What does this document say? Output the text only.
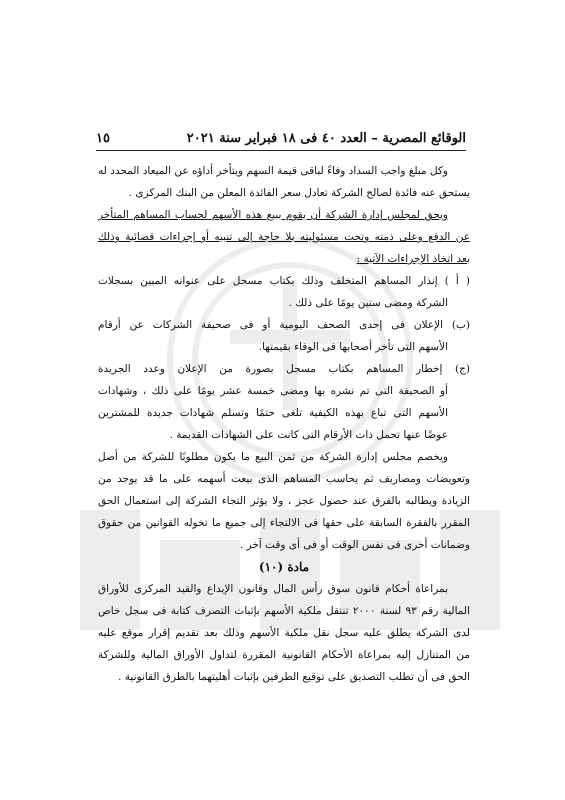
الوقائع المصرية – العدد ٤٠ فى ١٨ فبراير سنة ٢٠٢١
١٥
وكل مبلغ واجب السداد وفاءً لباقى قيمة السهم ويتأخر أداؤه عن الميعاد المحدد له
يستحق عنه فائدة لصالح الشركة تعادل سعر الفائدة المعلن من البنك المركزى .
ويحق لمجلس إدارة الشركة أن يقوم ببيع هذه الأسهم لحساب المساهم المتأخر
عن الدفع وعلى ذمته وتحت مسئوليته بلا حاجة إلى تنبيه أو إجراءات قضائية وذلك
بعد اتخاذ الإجراءات الآتية :
( أ ) إنذار المساهم المتخلف وذلك بكتاب مسجل على عنوانه المبين بسجلات
الشركة ومضى ستين يومًا على ذلك .
(ب) الإعلان فى إحدى الصحف اليومية أو فى صحيفة الشركات عن أرقام
الأسهم التى تأخر أصحابها فى الوفاء بقيمتها.
(ج) إخطار المساهم بكتاب مسجل بصورة من الإعلان وعدد الجريدة
أو الصحيفة التى تم نشره بها ومضى خمسة عشر يومًا على ذلك ، وشهادات
الأسهم التى تباع بهذه الكيفية تلغى حتمًا وتسلم شهادات جديدة للمشترين
عوضًا عنها تحمل ذات الأرقام التى كانت على الشهادات القديمة .
ويخصم مجلس إدارة الشركة من ثمن البيع ما يكون مطلوبًا للشركة من أصل
وتعويضات ومصاريف ثم يحاسب المساهم الذى بيعت أسهمه على ما قد يوجد من
الزيادة ويطالبه بالفرق عند حصول عجز ، ولا يؤثر التجاء الشركة إلى استعمال الحق
المقرر بالفقرة السابقة على حقها فى الالتجاء إلى جميع ما تخوله القوانين من حقوق
وضمانات أخرى فى نفس الوقت أو فى أى وقت آخر .
مادة (١٠)
بمراعاة أحكام قانون سوق رأس المال وقانون الإيداع والقيد المركزى للأوراق
المالية رقم ٩٣ لسنة ٢٠٠٠ تنتقل ملكية الأسهم بإثبات التصرف كتابة فى سجل خاص
لدى الشركة يطلق عليه سجل نقل ملكية الأسهم وذلك بعد تقديم إقرار موقع عليه
من المتنازل إليه بمراعاة الأحكام القانونية المقررة لتداول الأوراق المالية وللشركة
الحق فى أن تطلب التصديق على توقيع الطرفين بإثبات أهليتهما بالطرق القانونية .
